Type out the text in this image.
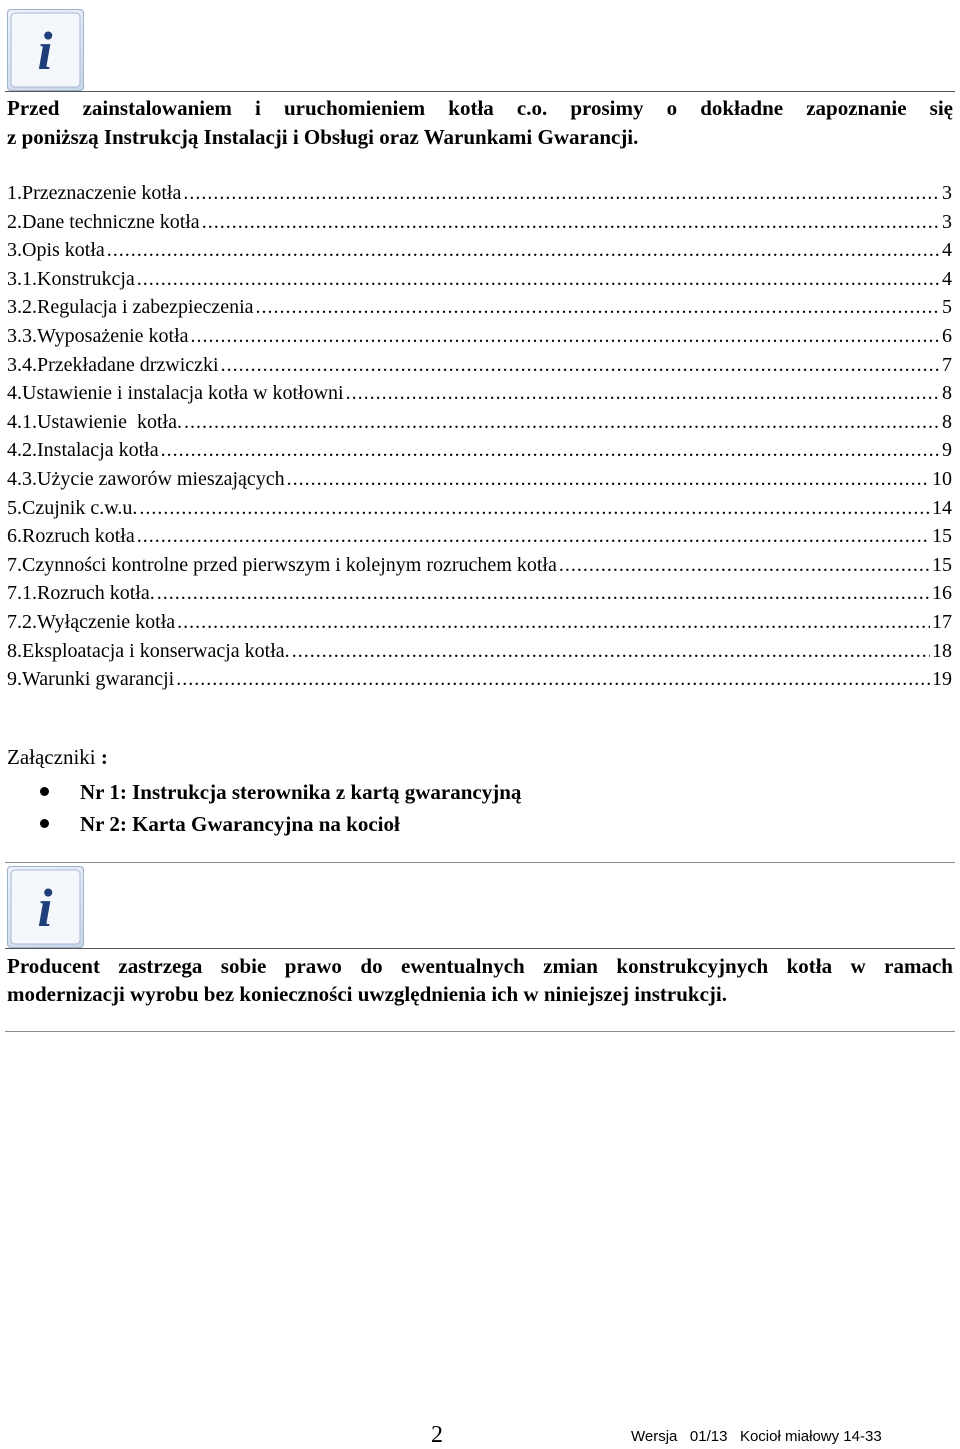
i
Przed zainstalowaniem i uruchomieniem kotła c.o. prosimy o dokładne zapoznanie się
z poniższą Instrukcją Instalacji i Obsługi oraz Warunkami Gwarancji.
1.Przeznaczenie kotła .....	3
2.Dane techniczne kotła .....	3
3.Opis kotła .....	4
3.1.Konstrukcja .....	4
3.2.Regulacja i zabezpieczenia .....	5
3.3.Wyposażenie kotła .....	6
3.4.Przekładane drzwiczki .....	7
4.Ustawienie i instalacja kotła w kotłowni .....	8
4.1.Ustawienie  kotła. .....	8
4.2.Instalacja kotła .....	9
4.3.Użycie zaworów mieszających .....	10
5.Czujnik c.w.u. .....	14
6.Rozruch kotła .....	15
7.Czynności kontrolne przed pierwszym i kolejnym rozruchem kotła .....	15
7.1.Rozruch kotła. .....	16
7.2.Wyłączenie kotła .....	17
8.Eksploatacja i konserwacja kotła. .....	18
9.Warunki gwarancji .....	19
Załączniki :
Nr 1: Instrukcja sterownika z kartą gwarancyjną
Nr 2: Karta Gwarancyjna na kocioł
i
Producent zastrzega sobie prawo do ewentualnych zmian konstrukcyjnych kotła w ramach
modernizacji wyrobu bez konieczności uwzględnienia ich w niniejszej instrukcji.
2	Wersja   01/13   Kocioł miałowy 14-33
